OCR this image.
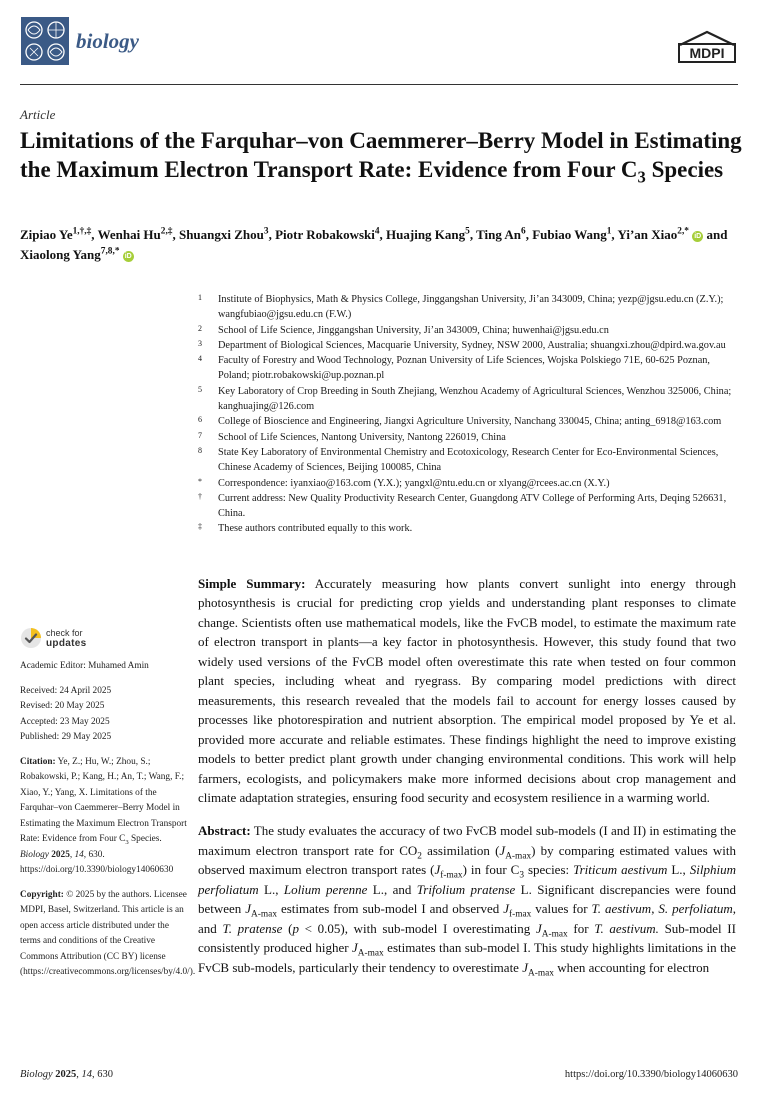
biology	MDPI
Article
Limitations of the Farquhar–von Caemmerer–Berry Model in Estimating the Maximum Electron Transport Rate: Evidence from Four $C_3$ Species
Zipiao $Ye^{1,\dagger,\ddagger}$, Wenhai $Hu^{2,\ddagger}$, Shuangxi Zhou$^3$, Piotr Robakowski$^4$, Huajing Kang$^5$, Ting An$^6$, Fubiao Wang$^1$, Yi’an Xiao$^{2,*}$ iD and Xiaolong Yang$^{7,8,*}$ iD
1 Institute of Biophysics, Math & Physics College, Jinggangshan University, Ji’an 343009, China; yezp@jgsu.edu.cn (Z.Y.); wangfubiao@jgsu.edu.cn (F.W.)
2 School of Life Science, Jinggangshan University, Ji’an 343009, China; huwenhai@jgsu.edu.cn
3 Department of Biological Sciences, Macquarie University, Sydney, NSW 2000, Australia; shuangxi.zhou@dpird.wa.gov.au
4 Faculty of Forestry and Wood Technology, Poznan University of Life Sciences, Wojska Polskiego 71E, 60-625 Poznan, Poland; piotr.robakowski@up.poznan.pl
5 Key Laboratory of Crop Breeding in South Zhejiang, Wenzhou Academy of Agricultural Sciences, Wenzhou 325006, China; kanghuajing@126.com
6 College of Bioscience and Engineering, Jiangxi Agriculture University, Nanchang 330045, China; anting_6918@163.com
7 School of Life Sciences, Nantong University, Nantong 226019, China
8 State Key Laboratory of Environmental Chemistry and Ecotoxicology, Research Center for Eco-Environmental Sciences, Chinese Academy of Sciences, Beijing 100085, China
* Correspondence: iyanxiao@163.com (Y.X.); yangxl@ntu.edu.cn or xlyang@rcees.ac.cn (X.Y.)
† Current address: New Quality Productivity Research Center, Guangdong ATV College of Performing Arts, Deqing 526631, China.
‡ These authors contributed equally to this work.
check for
updates
Academic Editor: Muhamed Amin
Received: 24 April 2025
Revised: 20 May 2025
Accepted: 23 May 2025
Published: 29 May 2025
Citation: Ye, Z.; Hu, W.; Zhou, S.; Robakowski, P.; Kang, H.; An, T.; Wang, F.; Xiao, Y.; Yang, X. Limitations of the Farquhar–von Caemmerer–Berry Model in Estimating the Maximum Electron Transport Rate: Evidence from Four $C_3$ Species. Biology 2025, 14, 630. https://doi.org/10.3390/biology14060630
Copyright: © 2025 by the authors. Licensee MDPI, Basel, Switzerland. This article is an open access article distributed under the terms and conditions of the Creative Commons Attribution (CC BY) license (https://creativecommons.org/licenses/by/4.0/).

Simple Summary: Accurately measuring how plants convert sunlight into energy through photosynthesis is crucial for predicting crop yields and understanding plant responses to climate change. Scientists often use mathematical models, like the FvCB model, to estimate the maximum rate of electron transport in plants—a key factor in photosynthesis. However, this study found that two widely used versions of the FvCB model often overestimate this rate when tested on four common plant species, including wheat and ryegrass. By comparing model predictions with direct measurements, this research revealed that the models fail to account for energy losses caused by processes like photorespiration and nutrient absorption. The empirical model proposed by Ye et al. provided more accurate and reliable estimates. These findings highlight the need to improve existing models to better predict plant growth under changing environmental conditions. This work will help farmers, ecologists, and policymakers make more informed decisions about crop management and climate adaptation strategies, ensuring food security and ecosystem resilience in a warming world.

Abstract: The study evaluates the accuracy of two FvCB model sub-models (I and II) in estimating the maximum electron transport rate for $CO_2$ assimilation $(J_{A-max})$ by comparing estimated values with observed maximum electron transport rates $(J_{f-max})$ in four $C_3$ species: Triticum aestivum L., Silphium perfoliatum L., Lolium perenne L., and Trifolium pratense L. Significant discrepancies were found between $J_{A-max}$ estimates from sub-model I and observed $J_{f-max}$ values for T. aestivum, S. perfoliatum, and T. pratense (p < 0.05), with sub-model I overestimating $J_{A-max}$ for T. aestivum. Sub-model II consistently produced higher $J_{A-max}$ estimates than sub-model I. This study highlights limitations in the FvCB sub-models, particularly their tendency to overestimate $J_{A-max}$ when accounting for electron

Biology 2025, 14, 630	https://doi.org/10.3390/biology14060630
